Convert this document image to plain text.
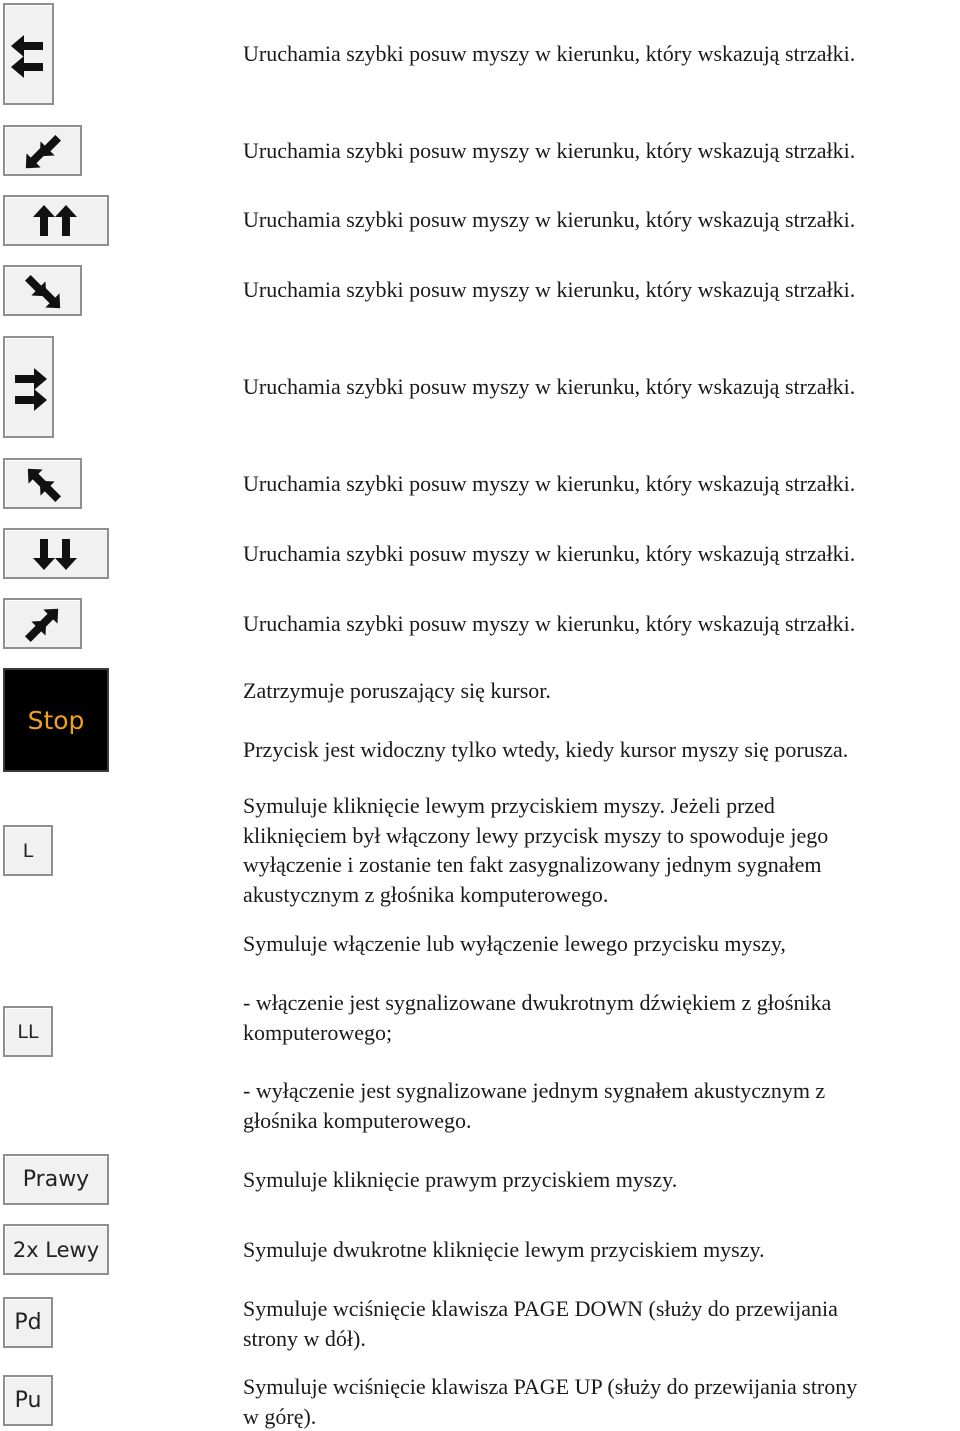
Stop
L
LL
Prawy
2x Lewy
Pd
Pu

Uruchamia szybki posuw myszy w kierunku, który wskazują strzałki.

Uruchamia szybki posuw myszy w kierunku, który wskazują strzałki.

Uruchamia szybki posuw myszy w kierunku, który wskazują strzałki.

Uruchamia szybki posuw myszy w kierunku, który wskazują strzałki.

Uruchamia szybki posuw myszy w kierunku, który wskazują strzałki.

Uruchamia szybki posuw myszy w kierunku, który wskazują strzałki.

Uruchamia szybki posuw myszy w kierunku, który wskazują strzałki.

Uruchamia szybki posuw myszy w kierunku, który wskazują strzałki.

Zatrzymuje poruszający się kursor.

Przycisk jest widoczny tylko wtedy, kiedy kursor myszy się porusza.

Symuluje kliknięcie lewym przyciskiem myszy. Jeżeli przed
kliknięciem był włączony lewy przycisk myszy to spowoduje jego
wyłączenie i zostanie ten fakt zasygnalizowany jednym sygnałem
akustycznym z głośnika komputerowego.

Symuluje włączenie lub wyłączenie lewego przycisku myszy,

- włączenie jest sygnalizowane dwukrotnym dźwiękiem z głośnika
komputerowego;
- wyłączenie jest sygnalizowane jednym sygnałem akustycznym z
głośnika komputerowego.

Symuluje kliknięcie prawym przyciskiem myszy.

Symuluje dwukrotne kliknięcie lewym przyciskiem myszy.

Symuluje wciśnięcie klawisza PAGE DOWN (służy do przewijania
strony w dół).
Symuluje wciśnięcie klawisza PAGE UP (służy do przewijania strony
w górę).
